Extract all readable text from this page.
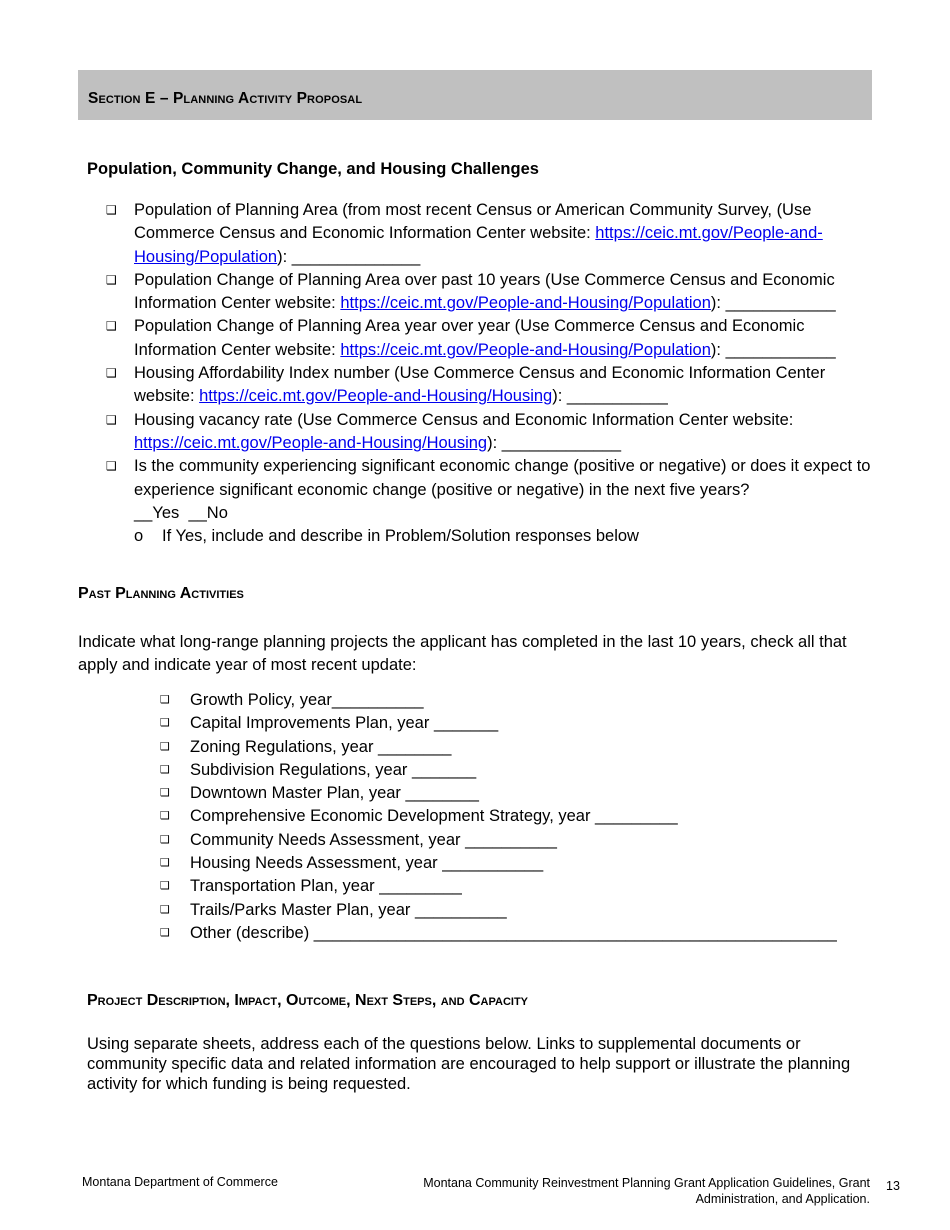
Section E – Planning Activity Proposal
Population, Community Change, and Housing Challenges
❑	Population of Planning Area (from most recent Census or American Community Survey, (Use Commerce Census and Economic Information Center website: https://ceic.mt.gov/People-and-Housing/Population): ______________
❑	Population Change of Planning Area over past 10 years (Use Commerce Census and Economic Information Center website: https://ceic.mt.gov/People-and-Housing/Population): ____________
❑	Population Change of Planning Area year over year (Use Commerce Census and Economic Information Center website: https://ceic.mt.gov/People-and-Housing/Population): ____________
❑	Housing Affordability Index number (Use Commerce Census and Economic Information Center website: https://ceic.mt.gov/People-and-Housing/Housing): ___________
❑	Housing vacancy rate (Use Commerce Census and Economic Information Center website: https://ceic.mt.gov/People-and-Housing/Housing): _____________
❑	Is the community experiencing significant economic change (positive or negative) or does it expect to experience significant economic change (positive or negative) in the next five years?
__Yes  __No
o	If Yes, include and describe in Problem/Solution responses below
Past Planning Activities
Indicate what long-range planning projects the applicant has completed in the last 10 years, check all that apply and indicate year of most recent update:
❑	Growth Policy, year__________
❑	Capital Improvements Plan, year _______
❑	Zoning Regulations, year ________
❑	Subdivision Regulations, year _______
❑	Downtown Master Plan, year ________
❑	Comprehensive Economic Development Strategy, year _________
❑	Community Needs Assessment, year __________
❑	Housing Needs Assessment, year ___________
❑	Transportation Plan, year _________
❑	Trails/Parks Master Plan, year __________
❑	Other (describe) _________________________________________________________
Project Description, Impact, Outcome, Next Steps, and Capacity
Using separate sheets, address each of the questions below. Links to supplemental documents or community specific data and related information are encouraged to help support or illustrate the planning activity for which funding is being requested.
Montana Department of Commerce	Montana Community Reinvestment Planning Grant Application Guidelines, Grant
Administration, and Application.
13
